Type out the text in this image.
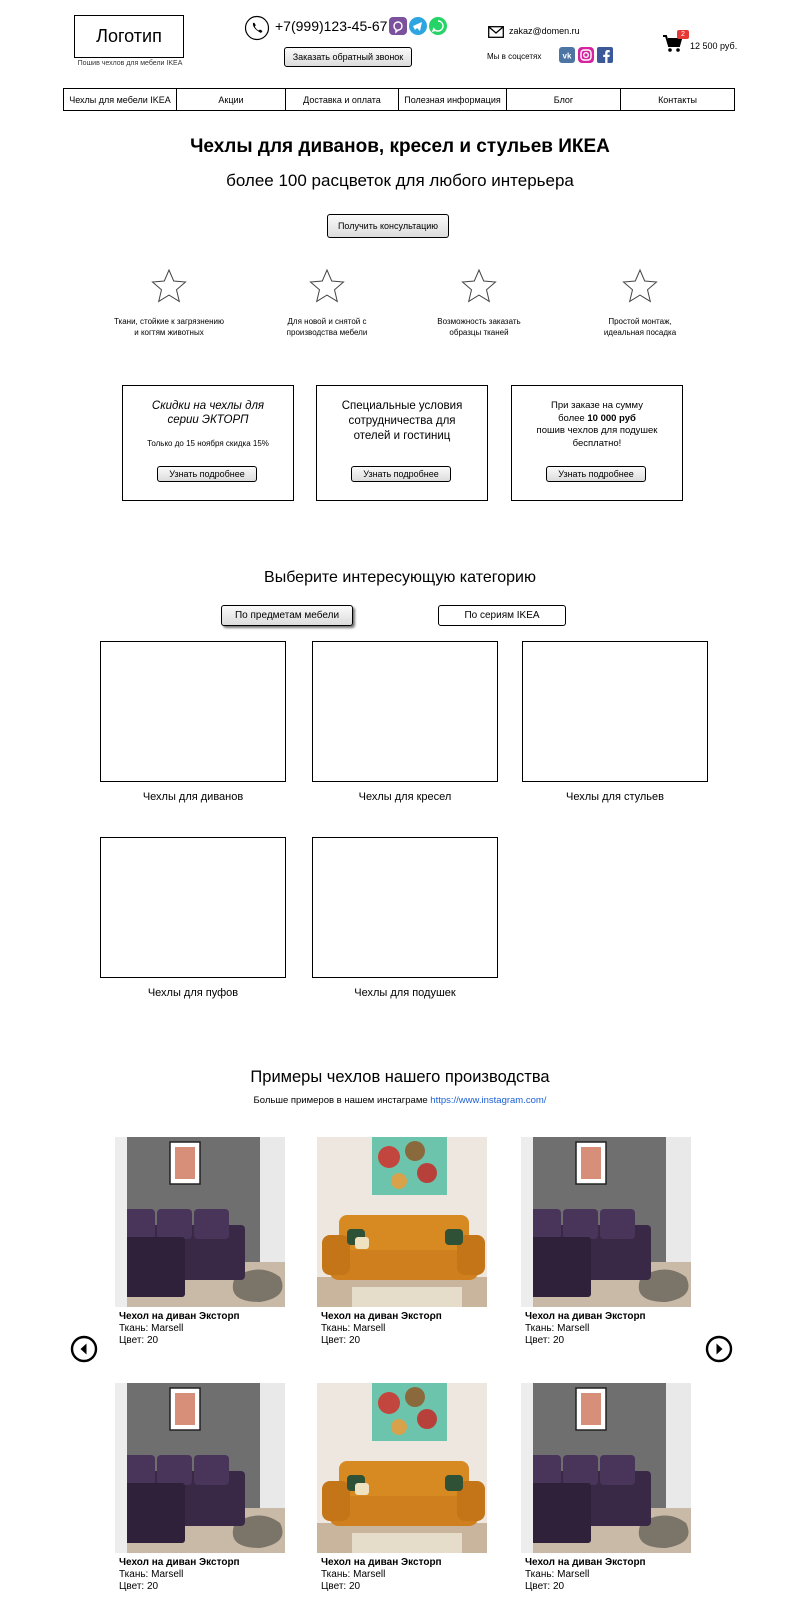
Логотип
Пошив чехлов для мебели IKEA
+7(999)123-45-67
Заказать обратный звонок
zakaz@domen.ru
Мы в соцсетях	vk
2
12 500 руб.
Чехлы для мебели IKEA	Акции	Доставка и оплата	Полезная информация	Блог	Контакты
Чехлы для диванов, кресел и стульев ИКЕА
более 100 расцветок для любого интерьера
Получить консультацию
Ткани, стойкие к загрязнению
и когтям животных
Для новой и снятой с
производства мебели
Возможность заказать
образцы тканей
Простой монтаж,
идеальная посадка
Скидки на чехлы для
серии ЭКТОРП
Только до 15 ноября скидка 15%
Узнать подробнее
Специальные условия
сотрудничества для
отелей и гостиниц
Узнать подробнее
При заказе на сумму
более 10 000 руб
пошив чехлов для подушек
бесплатно!
Узнать подробнее
Выберите интересующую категорию
По предметам мебели	По сериям IKEA
Чехлы для диванов	Чехлы для кресел	Чехлы для стульев
Чехлы для пуфов	Чехлы для подушек
Примеры чехлов нашего производства
Больше примеров в нашем инстаграме https://www.instagram.com/
Чехол на диван Эксторп
Ткань: Marsell
Цвет: 20
Чехол на диван Экстορп
Ткань: Marsell
Цвет: 20
Чехол на диван Эксторп
Ткань: Marsell
Цвет: 20
Чехол на диван Эксторп
Ткань: Marsell
Цвет: 20
Чехол на диван Эксторп
Ткань: Marsell
Цвет: 20
Чехол на диван Эксторп
Ткань: Marsell
Цвет: 20
